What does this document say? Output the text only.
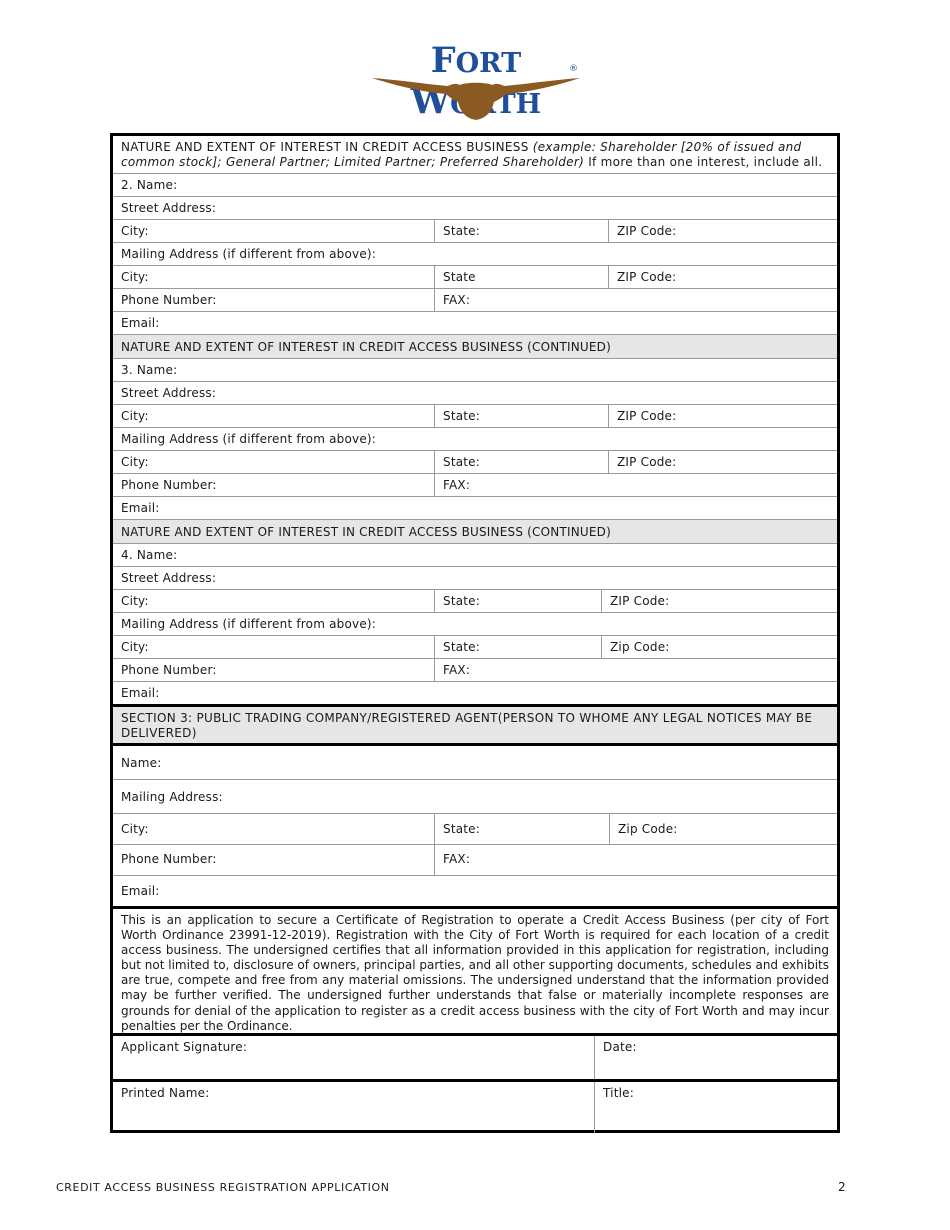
FORT WORTH
®
NATURE AND EXTENT OF INTEREST IN CREDIT ACCESS BUSINESS (example: Shareholder [20% of issued and common stock]; General Partner; Limited Partner; Preferred Shareholder) If more than one interest, include all.
2. Name:
Street Address:
City:	State:	ZIP Code:
Mailing Address (if different from above):
City:	State	ZIP Code:
Phone Number:	FAX:
Email:
NATURE AND EXTENT OF INTEREST IN CREDIT ACCESS BUSINESS (CONTINUED)
3. Name:
Street Address:
City:	State:	ZIP Code:
Mailing Address (if different from above):
City:	State:	ZIP Code:
Phone Number:	FAX:
Email:
NATURE AND EXTENT OF INTEREST IN CREDIT ACCESS BUSINESS (CONTINUED)
4. Name:
Street Address:
City:	State:	ZIP Code:
Mailing Address (if different from above):
City:	State:	Zip Code:
Phone Number:	FAX:
Email:
SECTION 3: PUBLIC TRADING COMPANY/REGISTERED AGENT(PERSON TO WHOME ANY LEGAL NOTICES MAY BE DELIVERED)
Name:
Mailing Address:
City:	State:	Zip Code:
Phone Number:	FAX:
Email:
This is an application to secure a Certificate of Registration to operate a Credit Access Business (per city of Fort Worth Ordinance 23991-12-2019). Registration with the City of Fort Worth is required for each location of a credit access business. The undersigned certifies that all information provided in this application for registration, including but not limited to, disclosure of owners, principal parties, and all other supporting documents, schedules and exhibits are true, compete and free from any material omissions. The undersigned understand that the information provided may be further verified. The undersigned further understands that false or materially incomplete responses are grounds for denial of the application to register as a credit access business with the city of Fort Worth and may incur penalties per the Ordinance.
Applicant Signature:	Date:
Printed Name:	Title:
CREDIT ACCESS BUSINESS REGISTRATION APPLICATION	2
